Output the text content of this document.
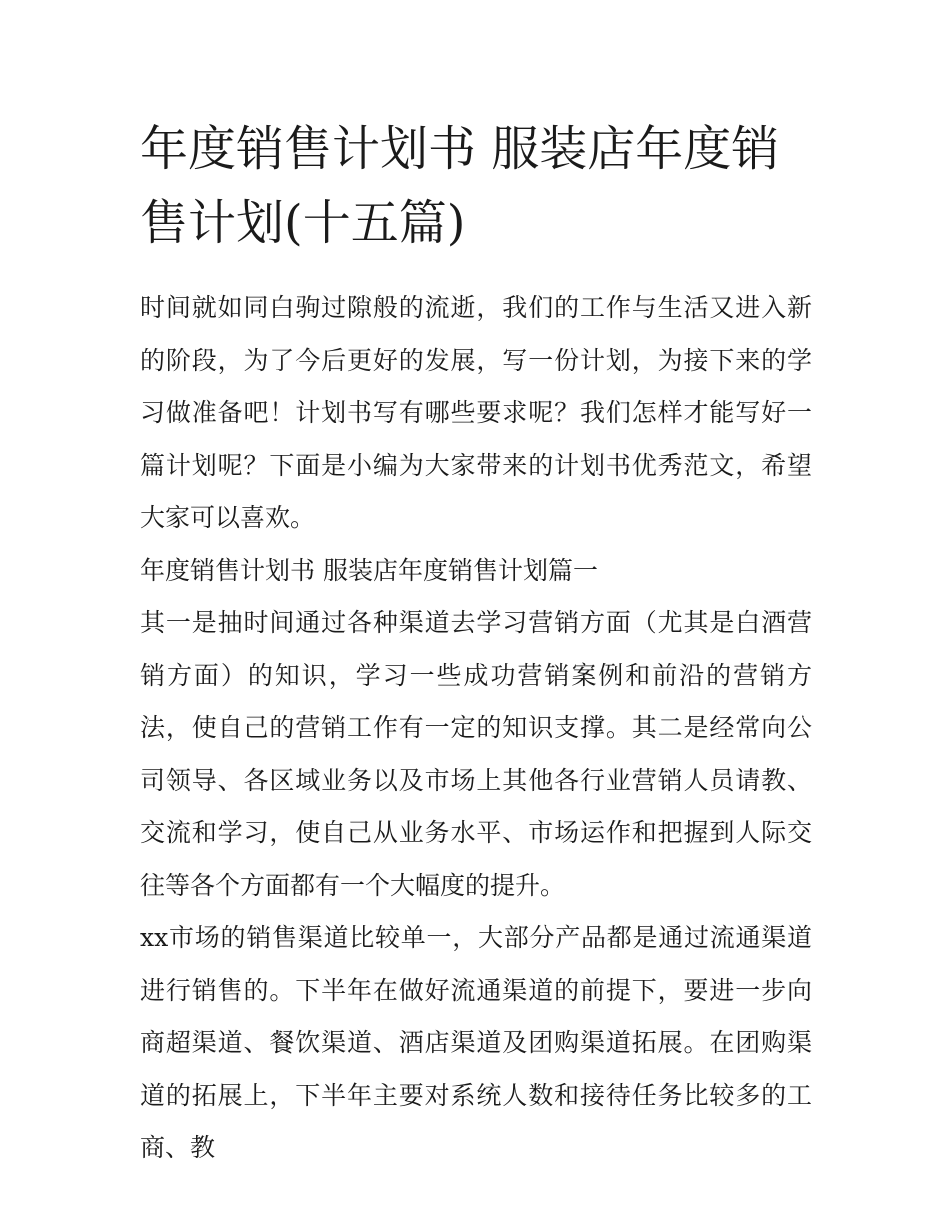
年度销售计划书 服装店年度销售计划(十五篇)

时间就如同白驹过隙般的流逝，我们的工作与生活又进入新的阶段，为了今后更好的发展，写一份计划，为接下来的学习做准备吧！计划书写有哪些要求呢？我们怎样才能写好一篇计划呢？下面是小编为大家带来的计划书优秀范文，希望大家可以喜欢。

年度销售计划书 服装店年度销售计划篇一

其一是抽时间通过各种渠道去学习营销方面（尤其是白酒营销方面）的知识，学习一些成功营销案例和前沿的营销方法，使自己的营销工作有一定的知识支撑。其二是经常向公司领导、各区域业务以及市场上其他各行业营销人员请教、交流和学习，使自己从业务水平、市场运作和把握到人际交往等各个方面都有一个大幅度的提升。

xx市场的销售渠道比较单一，大部分产品都是通过流通渠道进行销售的。下半年在做好流通渠道的前提下，要进一步向商超渠道、餐饮渠道、酒店渠道及团购渠道拓展。在团购渠道的拓展上，下半年主要对系统人数和接待任务比较多的工商、教
